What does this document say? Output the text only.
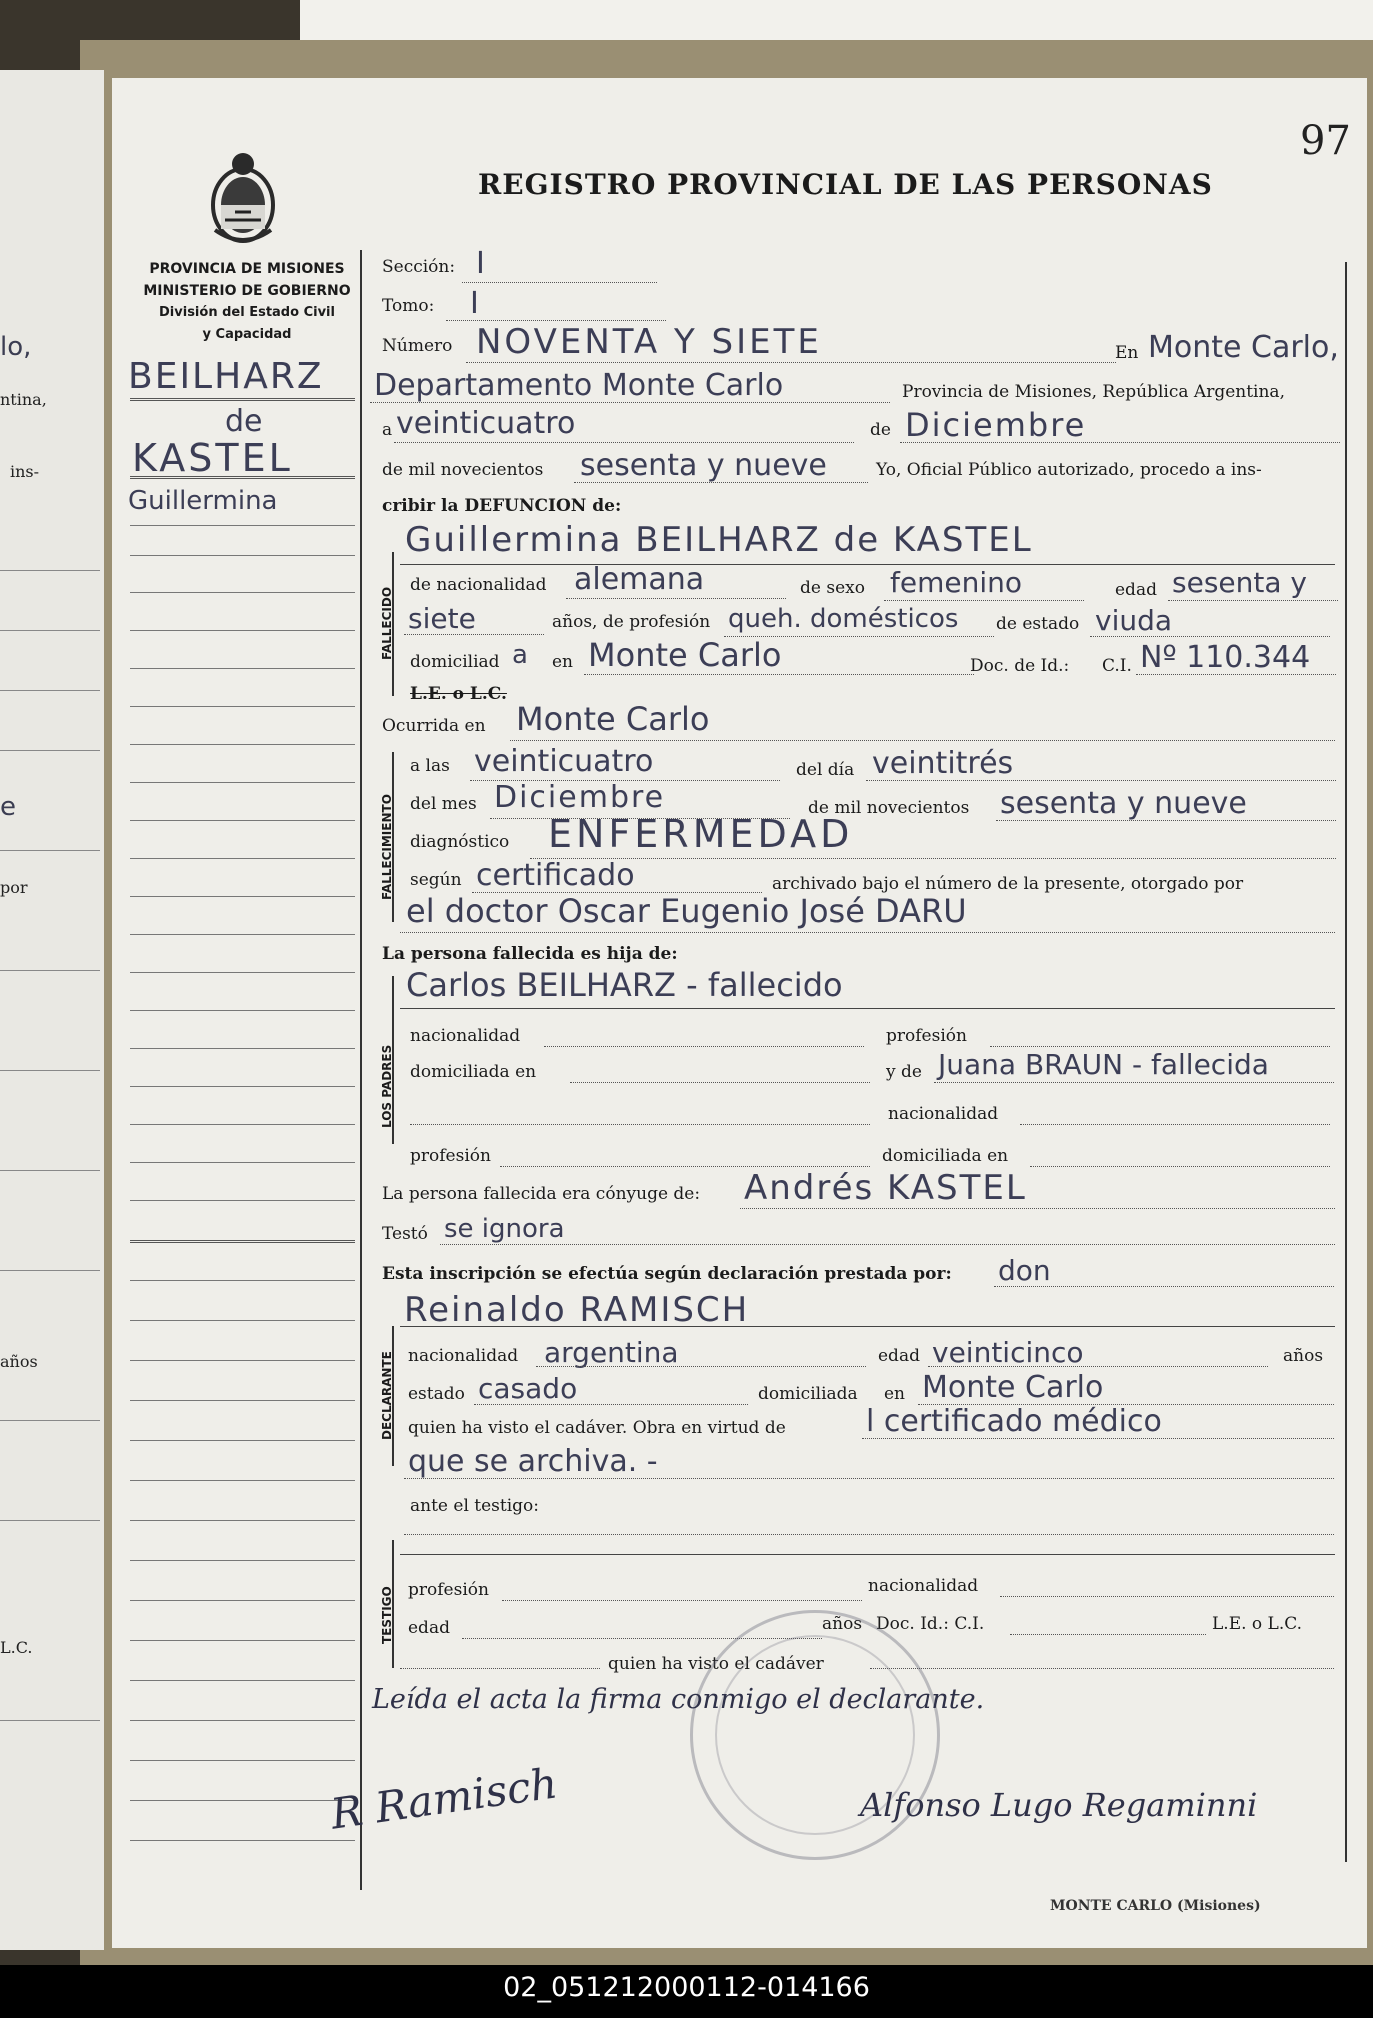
lo,
ntina,
ins-
e
por
años
L.C.
97
REGISTRO PROVINCIAL DE LAS PERSONAS
PROVINCIA DE MISIONES
MINISTERIO DE GOBIERNO
División del Estado Civil
y Capacidad
BEILHARZ
de
KASTEL
Guillermina
Sección: I
Tomo: I
Número NOVENTA Y SIETE	En Monte Carlo,
Departamento Monte Carlo	Provincia de Misiones, República Argentina,
a veinticuatro	de Diciembre
de mil novecientos sesenta y nueve	Yo, Oficial Público autorizado, procedo a ins-
cribir la DEFUNCION de:
FALLECIDO
Guillermina BEILHARZ de KASTEL
de nacionalidad alemana	de sexo femenino	edad sesenta y
siete	años, de profesión queh. domésticos de estado viuda
domiciliad a en Monte Carlo	Doc. de Id.: C.I. Nº 110.344
L.E. o L.C.
Ocurrida en Monte Carlo
FALLECIMIENTO
a las veinticuatro	del día veintitrés
del mes Diciembre	de mil novecientos sesenta y nueve
diagnóstico ENFERMEDAD
según certificado	archivado bajo el número de la presente, otorgado por
el doctor Oscar Eugenio José DARU
La persona fallecida es hija de:
LOS PADRES
Carlos BEILHARZ - fallecido
nacionalidad	profesión
domiciliada en	y de Juana BRAUN - fallecida
nacionalidad
profesión	domiciliada en
La persona fallecida era cónyuge de: Andrés KASTEL
Testó se ignora
Esta inscripción se efectúa según declaración prestada por: don
DECLARANTE
Reinaldo RAMISCH
nacionalidad argentina	edad veinticinco	años
estado casado	domiciliada en Monte Carlo
quien ha visto el cadáver. Obra en virtud de	l certificado médico
que se archiva. -
ante el testigo:
TESTIGO profesión	nacionalidad
edad	años Doc. Id.: C.I.	L.E. o L.C.
quien ha visto el cadáver
Leída el acta la firma conmigo el declarante.
R Ramisch	Alfonso Lugo Regaminni
MONTE CARLO (Misiones)
02_051212000112-014166
